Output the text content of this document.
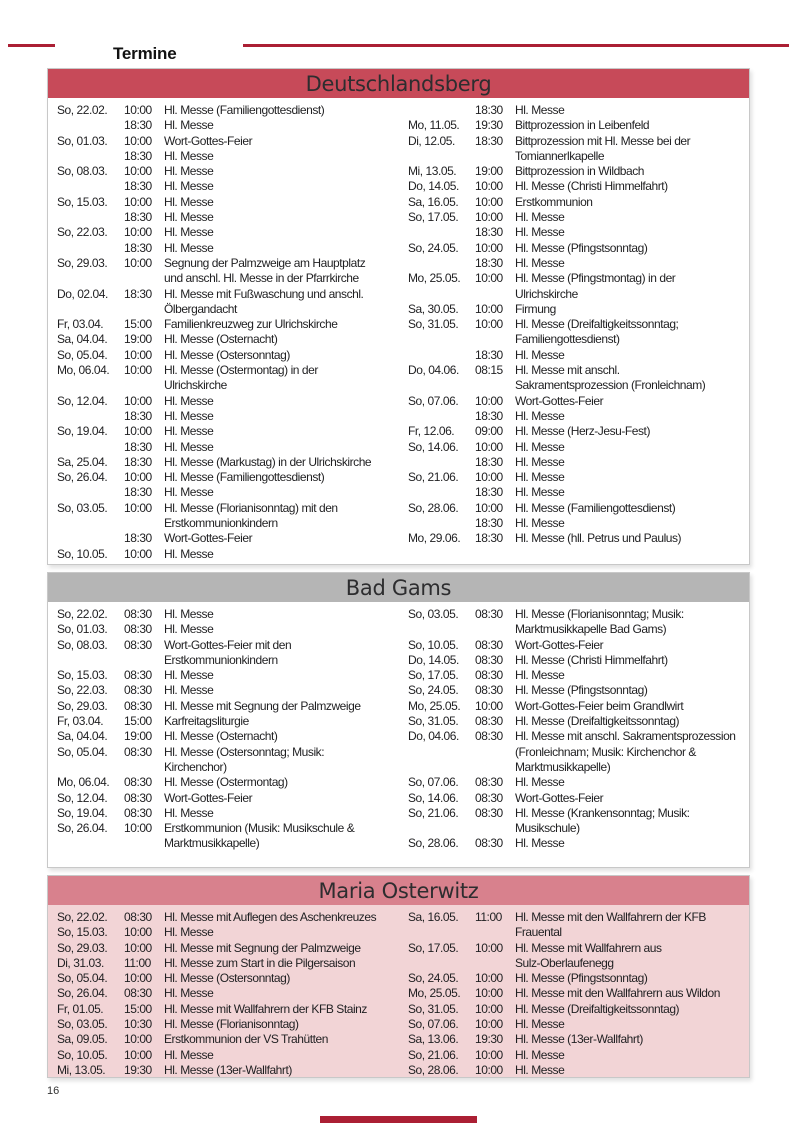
Termine
Deutschlandsberg
So, 22.02.	10:00	Hl. Messe (Familiengottesdienst)
18:30	Hl. Messe
So, 01.03.	10:00	Wort-Gottes-Feier
18:30	Hl. Messe
So, 08.03.	10:00	Hl. Messe
18:30	Hl. Messe
So, 15.03.	10:00	Hl. Messe
18:30	Hl. Messe
So, 22.03.	10:00	Hl. Messe
18:30	Hl. Messe
So, 29.03.	10:00	Segnung der Palmzweige am Hauptplatz
und anschl. Hl. Messe in der Pfarrkirche
Do, 02.04.	18:30	Hl. Messe mit Fußwaschung und anschl.
Ölbergandacht
Fr, 03.04.	15:00	Familienkreuzweg zur Ulrichskirche
Sa, 04.04.	19:00	Hl. Messe (Osternacht)
So, 05.04.	10:00	Hl. Messe (Ostersonntag)
Mo, 06.04.	10:00	Hl. Messe (Ostermontag) in der
Ulrichskirche
So, 12.04.	10:00	Hl. Messe
18:30	Hl. Messe
So, 19.04.	10:00	Hl. Messe
18:30	Hl. Messe
Sa, 25.04.	18:30	Hl. Messe (Markustag) in der Ulrichskirche
So, 26.04.	10:00	Hl. Messe (Familiengottesdienst)
18:30	Hl. Messe
So, 03.05.	10:00	Hl. Messe (Florianisonntag) mit den
Erstkommunionkindern
18:30	Wort-Gottes-Feier
So, 10.05.	10:00	Hl. Messe
18:30	Hl. Messe
Mo, 11.05.	19:30	Bittprozession in Leibenfeld
Di, 12.05.	18:30	Bittprozession mit Hl. Messe bei der
Tomiannerlkapelle
Mi, 13.05.	19:00	Bittprozession in Wildbach
Do, 14.05.	10:00	Hl. Messe (Christi Himmelfahrt)
Sa, 16.05.	10:00	Erstkommunion
So, 17.05.	10:00	Hl. Messe
18:30	Hl. Messe
So, 24.05.	10:00	Hl. Messe (Pfingstsonntag)
18:30	Hl. Messe
Mo, 25.05.	10:00	Hl. Messe (Pfingstmontag) in der
Ulrichskirche
Sa, 30.05.	10:00	Firmung
So, 31.05.	10:00	Hl. Messe (Dreifaltigkeitssonntag;
Familiengottesdienst)
18:30	Hl. Messe
Do, 04.06.	08:15	Hl. Messe mit anschl.
Sakramentsprozession (Fronleichnam)
So, 07.06.	10:00	Wort-Gottes-Feier
18:30	Hl. Messe
Fr, 12.06.	09:00	Hl. Messe (Herz-Jesu-Fest)
So, 14.06.	10:00	Hl. Messe
18:30	Hl. Messe
So, 21.06.	10:00	Hl. Messe
18:30	Hl. Messe
So, 28.06.	10:00	Hl. Messe (Familiengottesdienst)
18:30	Hl. Messe
Mo, 29.06.	18:30	Hl. Messe (hll. Petrus und Paulus)
Bad Gams
So, 22.02.	08:30	Hl. Messe
So, 01.03.	08:30	Hl. Messe
So, 08.03.	08:30	Wort-Gottes-Feier mit den
Erstkommunionkindern
So, 15.03.	08:30	Hl. Messe
So, 22.03.	08:30	Hl. Messe
So, 29.03.	08:30	Hl. Messe mit Segnung der Palmzweige
Fr, 03.04.	15:00	Karfreitagsliturgie
Sa, 04.04.	19:00	Hl. Messe (Osternacht)
So, 05.04.	08:30	Hl. Messe (Ostersonntag; Musik:
Kirchenchor)
Mo, 06.04.	08:30	Hl. Messe (Ostermontag)
So, 12.04.	08:30	Wort-Gottes-Feier
So, 19.04.	08:30	Hl. Messe
So, 26.04.	10:00	Erstkommunion (Musik: Musikschule &
Marktmusikkapelle)
So, 03.05.	08:30	Hl. Messe (Florianisonntag; Musik:
Marktmusikkapelle Bad Gams)
So, 10.05.	08:30	Wort-Gottes-Feier
Do, 14.05.	08:30	Hl. Messe (Christi Himmelfahrt)
So, 17.05.	08:30	Hl. Messe
So, 24.05.	08:30	Hl. Messe (Pfingstsonntag)
Mo, 25.05.	10:00	Wort-Gottes-Feier beim Grandlwirt
So, 31.05.	08:30	Hl. Messe (Dreifaltigkeitssonntag)
Do, 04.06.	08:30	Hl. Messe mit anschl. Sakramentsprozession
(Fronleichnam; Musik: Kirchenchor &
Marktmusikkapelle)
So, 07.06.	08:30	Hl. Messe
So, 14.06.	08:30	Wort-Gottes-Feier
So, 21.06.	08:30	Hl. Messe (Krankensonntag; Musik:
Musikschule)
So, 28.06.	08:30	Hl. Messe
Maria Osterwitz
So, 22.02.	08:30	Hl. Messe mit Auflegen des Aschenkreuzes
So, 15.03.	10:00	Hl. Messe
So, 29.03.	10:00	Hl. Messe mit Segnung der Palmzweige
Di, 31.03.	11:00	Hl. Messe zum Start in die Pilgersaison
So, 05.04.	10:00	Hl. Messe (Ostersonntag)
So, 26.04.	08:30	Hl. Messe
Fr, 01.05.	15:00	Hl. Messe mit Wallfahrern der KFB Stainz
So, 03.05.	10:30	Hl. Messe (Florianisonntag)
Sa, 09.05.	10:00	Erstkommunion der VS Trahütten
So, 10.05.	10:00	Hl. Messe
Mi, 13.05.	19:30	Hl. Messe (13er-Wallfahrt)
Sa, 16.05.	11:00	Hl. Messe mit den Wallfahrern der KFB
Frauental
So, 17.05.	10:00	Hl. Messe mit Wallfahrern aus
Sulz-Oberlaufenegg
So, 24.05.	10:00	Hl. Messe (Pfingstsonntag)
Mo, 25.05.	10:00	Hl. Messe mit den Wallfahrern aus Wildon
So, 31.05.	10:00	Hl. Messe (Dreifaltigkeitssonntag)
So, 07.06.	10:00	Hl. Messe
Sa, 13.06.	19:30	Hl. Messe (13er-Wallfahrt)
So, 21.06.	10:00	Hl. Messe
So, 28.06.	10:00	Hl. Messe
16
